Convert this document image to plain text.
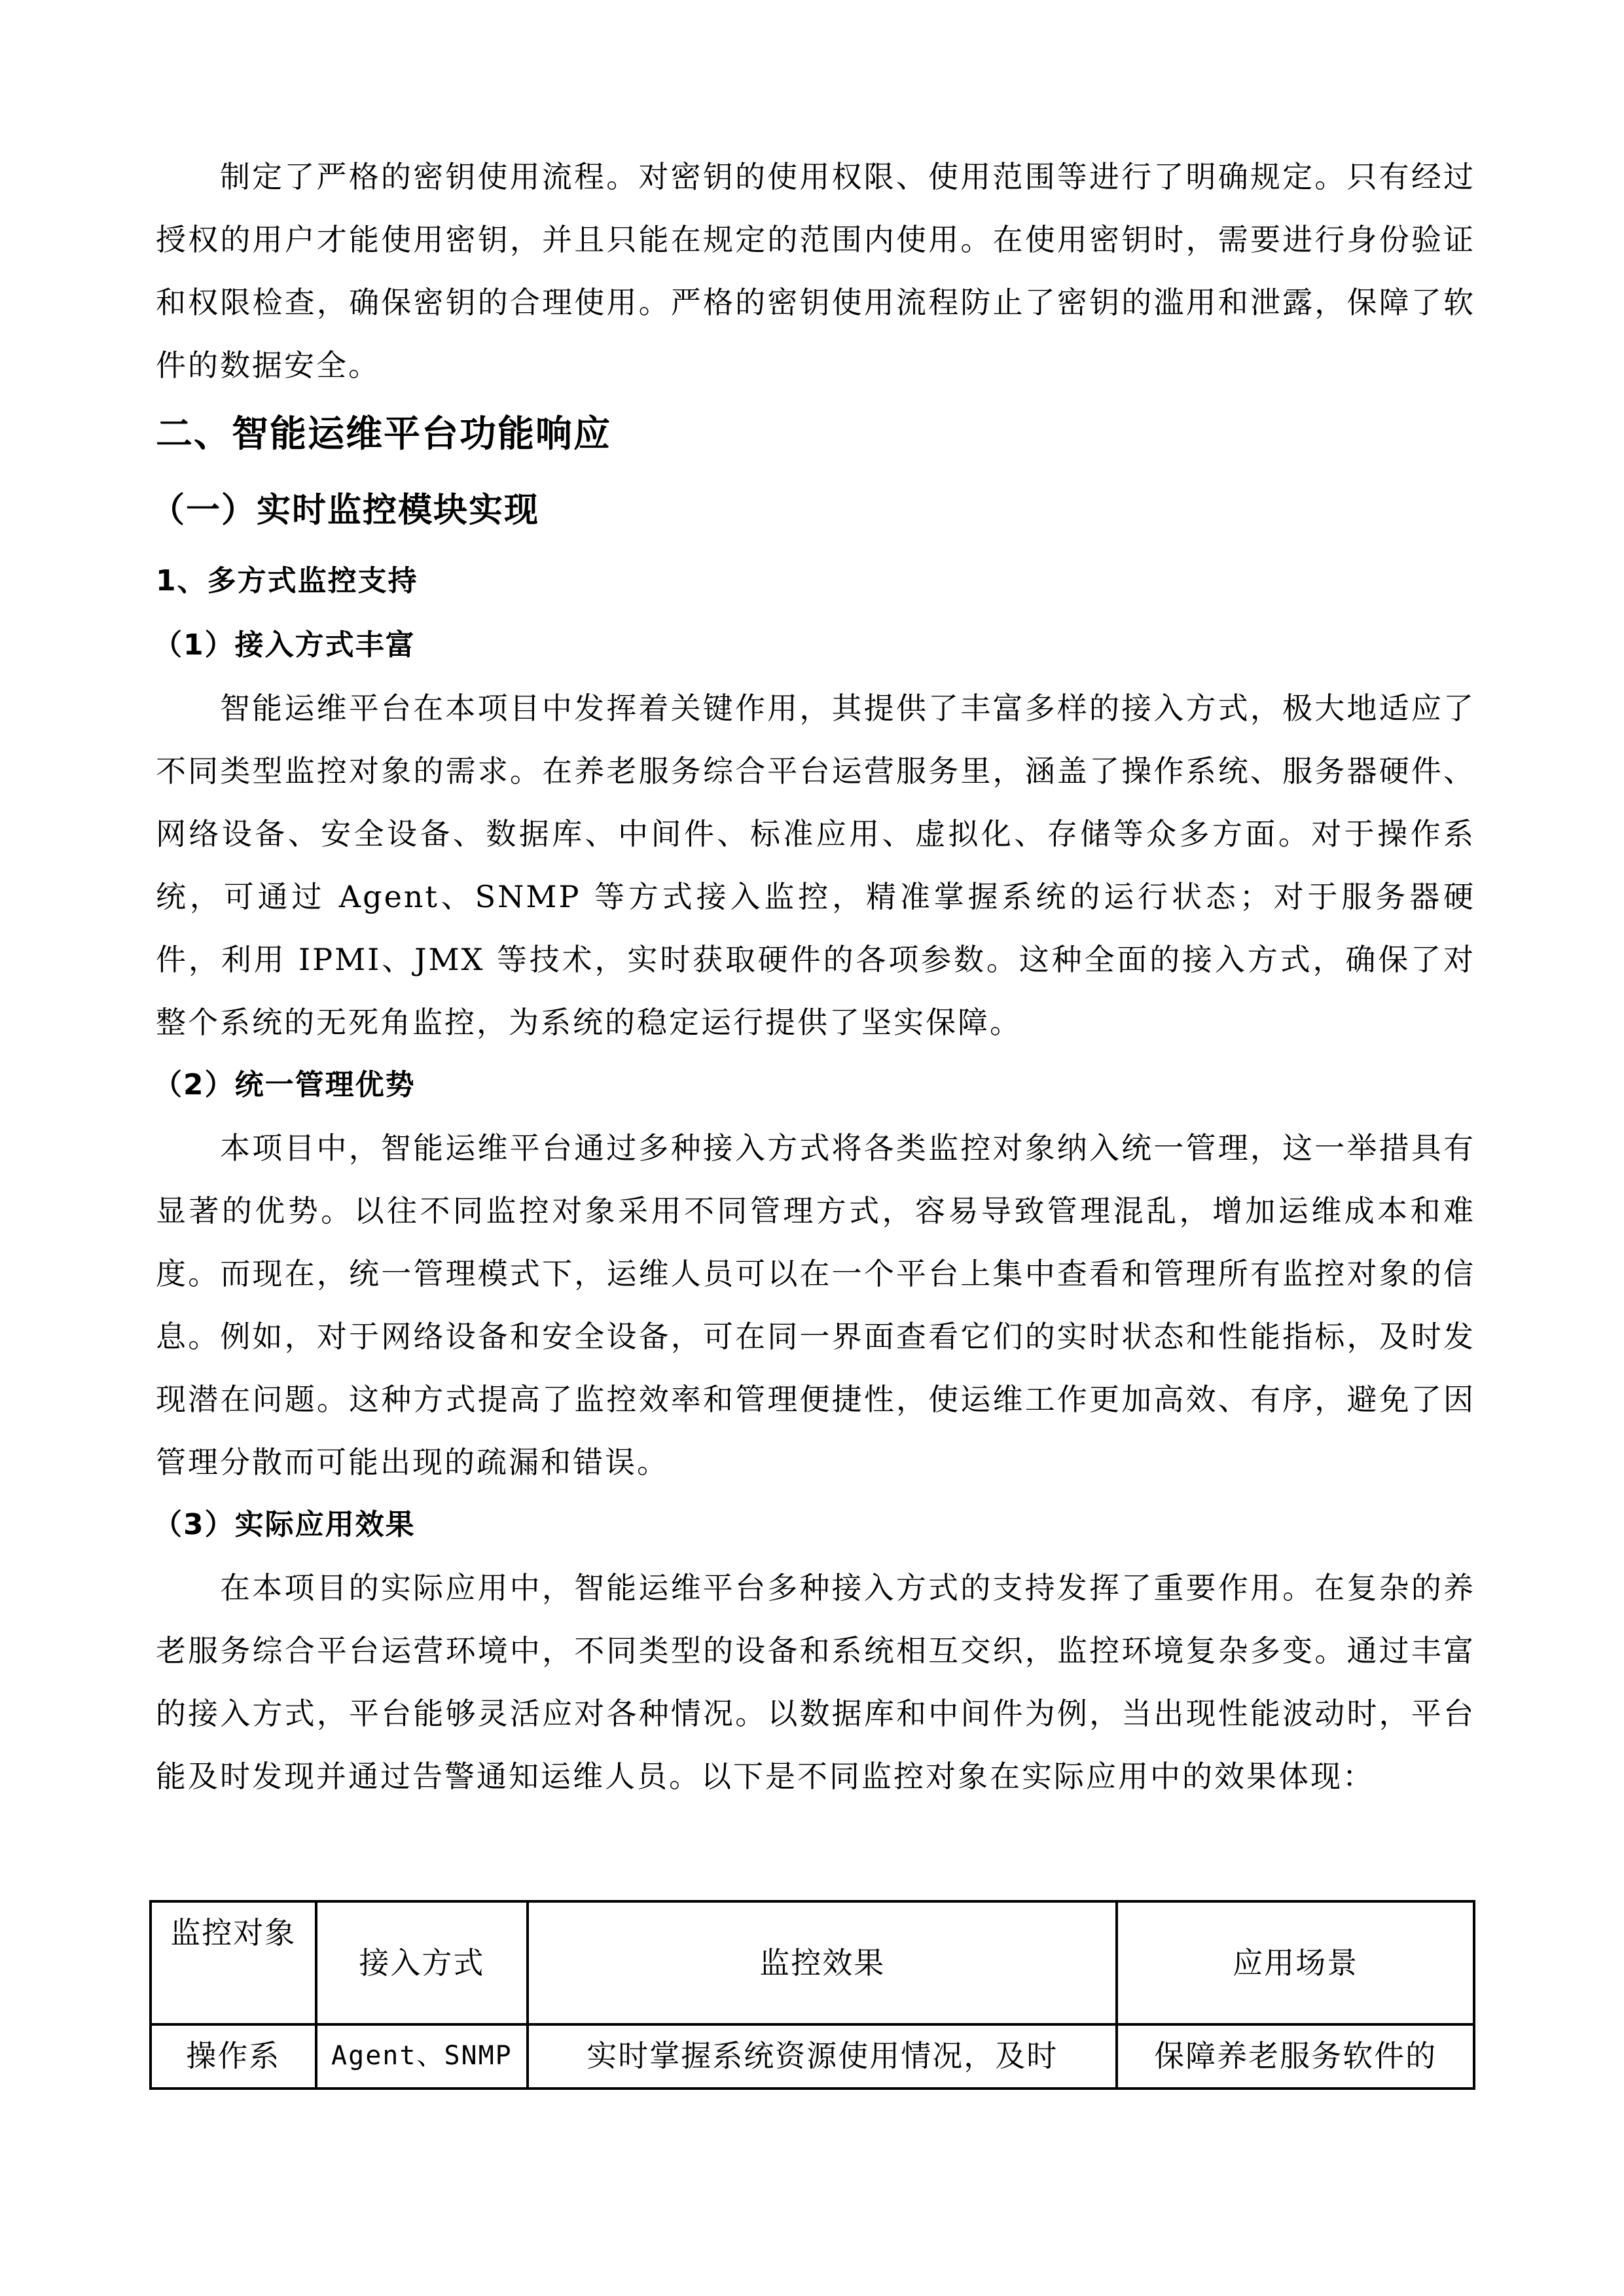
制定了严格的密钥使用流程。对密钥的使用权限、使用范围等进行了明确规定。只有经过授权的用户才能使用密钥，并且只能在规定的范围内使用。在使用密钥时，需要进行身份验证和权限检查，确保密钥的合理使用。严格的密钥使用流程防止了密钥的滥用和泄露，保障了软件的数据安全。

二、智能运维平台功能响应
（一）实时监控模块实现
1、多方式监控支持
（1）接入方式丰富

智能运维平台在本项目中发挥着关键作用，其提供了丰富多样的接入方式，极大地适应了不同类型监控对象的需求。在养老服务综合平台运营服务里，涵盖了操作系统、服务器硬件、网络设备、安全设备、数据库、中间件、标准应用、虚拟化、存储等众多方面。对于操作系统，可通过 Agent、SNMP 等方式接入监控，精准掌握系统的运行状态；对于服务器硬件，利用 IPMI、JMX 等技术，实时获取硬件的各项参数。这种全面的接入方式，确保了对整个系统的无死角监控，为系统的稳定运行提供了坚实保障。

（2）统一管理优势

本项目中，智能运维平台通过多种接入方式将各类监控对象纳入统一管理，这一举措具有显著的优势。以往不同监控对象采用不同管理方式，容易导致管理混乱，增加运维成本和难度。而现在，统一管理模式下，运维人员可以在一个平台上集中查看和管理所有监控对象的信息。例如，对于网络设备和安全设备，可在同一界面查看它们的实时状态和性能指标，及时发现潜在问题。这种方式提高了监控效率和管理便捷性，使运维工作更加高效、有序，避免了因管理分散而可能出现的疏漏和错误。

（3）实际应用效果

在本项目的实际应用中，智能运维平台多种接入方式的支持发挥了重要作用。在复杂的养老服务综合平台运营环境中，不同类型的设备和系统相互交织，监控环境复杂多变。通过丰富的接入方式，平台能够灵活应对各种情况。以数据库和中间件为例，当出现性能波动时，平台能及时发现并通过告警通知运维人员。以下是不同监控对象在实际应用中的效果体现：

监控对象	接入方式	监控效果	应用场景
操作系	Agent、SNMP	实时掌握系统资源使用情况，及时	保障养老服务软件的
